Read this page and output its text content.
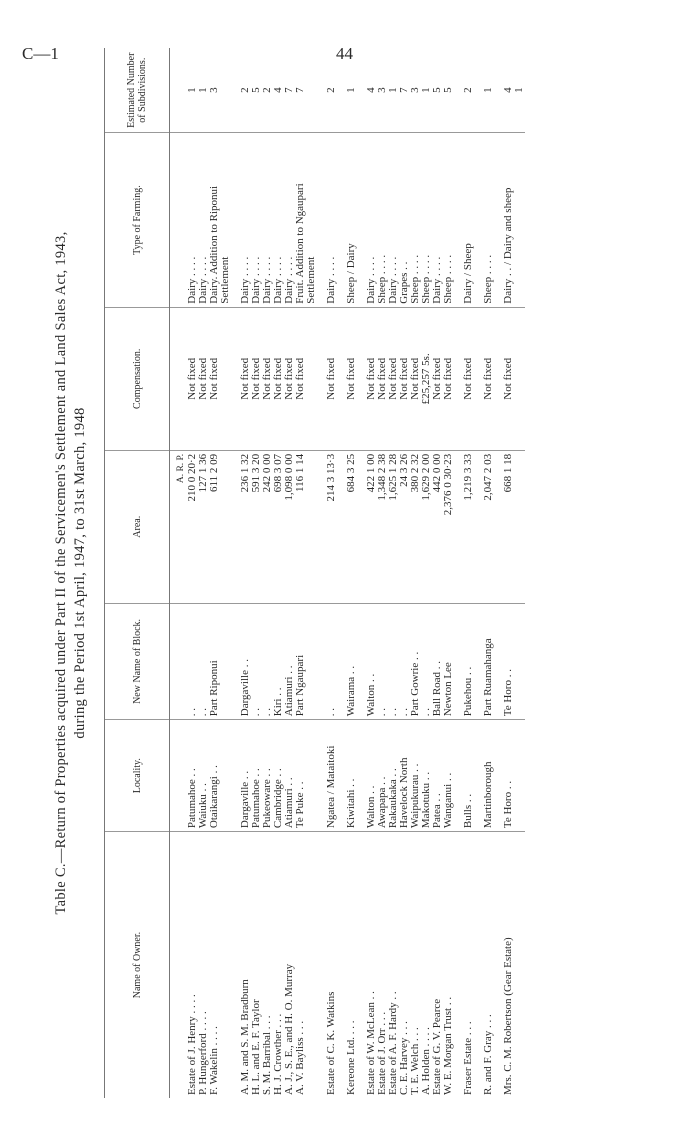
C—1	44
Table C.—Return of Properties acquired under Part II of the Servicemen's Settlement and Land Sales Act, 1943, during the Period 1st April, 1947, to 31st March, 1948
Name of Owner.	Locality.	New Name of Block.	Area.	Compensation.	Type of Farming.	Estimated Number of Subdivisions.
			A. R. P.			
Estate of J. Henry . . . .	Patumahoe . .	. .	210 0 20·2	Not fixed	Dairy . . . .	1
P. Hungerford . . . .	Waiuku . .	. .	127 1 36	Not fixed	Dairy . . . .	1
F. Wakelin . . . .	Otaikarangi . .	Part Riponui	611 2 09	Not fixed	Dairy. Addition to Riponui Settlement	3
A. M. and S. M. Bradburn	Dargaville . .	Dargaville . .	236 1 32	Not fixed	Dairy . . . .	2
H. L. and E. F. Taylor	Patumahoe . .	. .	591 3 20	Not fixed	Dairy . . . .	5
S. M. Barribal . . .	Pukeoware . .	. .	242 0 00	Not fixed	Dairy . . . .	2
H. J. Crowther . . .	Cambridge . .	Kiri . .	698 3 07	Not fixed	Dairy . . . .	4
A. J., S. E., and H. O. Murray	Atiamuri . .	Atiamuri . .	1,098 0 00	Not fixed	Dairy . . . .	7
A. V. Bayliss . . .	Te Puke . .	Part Ngaupari	116 1 14	Not fixed	Fruit. Addition to Ngaupari Settlement	7
Estate of C. K. Watkins	Ngatea / Mataitoki	. .	214 3 13·3	Not fixed	Dairy . . . .	2
Kereone Ltd. . . .	Kiwitahi . .	Wairama . .	684 3 25	Not fixed	Sheep / Dairy	1
Estate of W. McLean . .	Walton . .	Walton . .	422 1 00	Not fixed	Dairy . . . .	4
Estate of J. Orr . . .	Awapapa . .	. .	1,348 2 38	Not fixed	Sheep . . . .	3
Estate of A. F. Hardy . .	Rakaukaka . .	. .	1,625 1 28	Not fixed	Dairy . . . .	1
C. E. Harvey . . .	Havelock North	. .	24 3 26	Not fixed	Grapes . .	7
T. E. Welch . . .	Waipukurau . .	Part Gowrie . .	380 2 32	Not fixed	Sheep . . . .	3
A. Holden . . . .	Makotuku . .	. .	1,629 2 00	£25,257 5s.	Sheep . . . .	1
Estate of G. V. Pearce	Patea . .	Ball Road . .	442 0 00	Not fixed	Dairy . . . .	5
W. E. Morgan Trust . .	Wanganui . .	Newton Lee	2,376 0 30·23	Not fixed	Sheep . . . .	5
Fraser Estate . . .	Bulls . .	Pukehou . .	1,219 3 33	Not fixed	Dairy / Sheep	2
R. and F. Gray . . .	Martinborough	Part Ruamahanga	2,047 2 03	Not fixed	Sheep . . . .	1
Mrs. C. M. Robertson (Gear Estate)	Te Horo . .	Te Horo . .	668 1 18	Not fixed	Dairy . . / Dairy and sheep	4
						1
